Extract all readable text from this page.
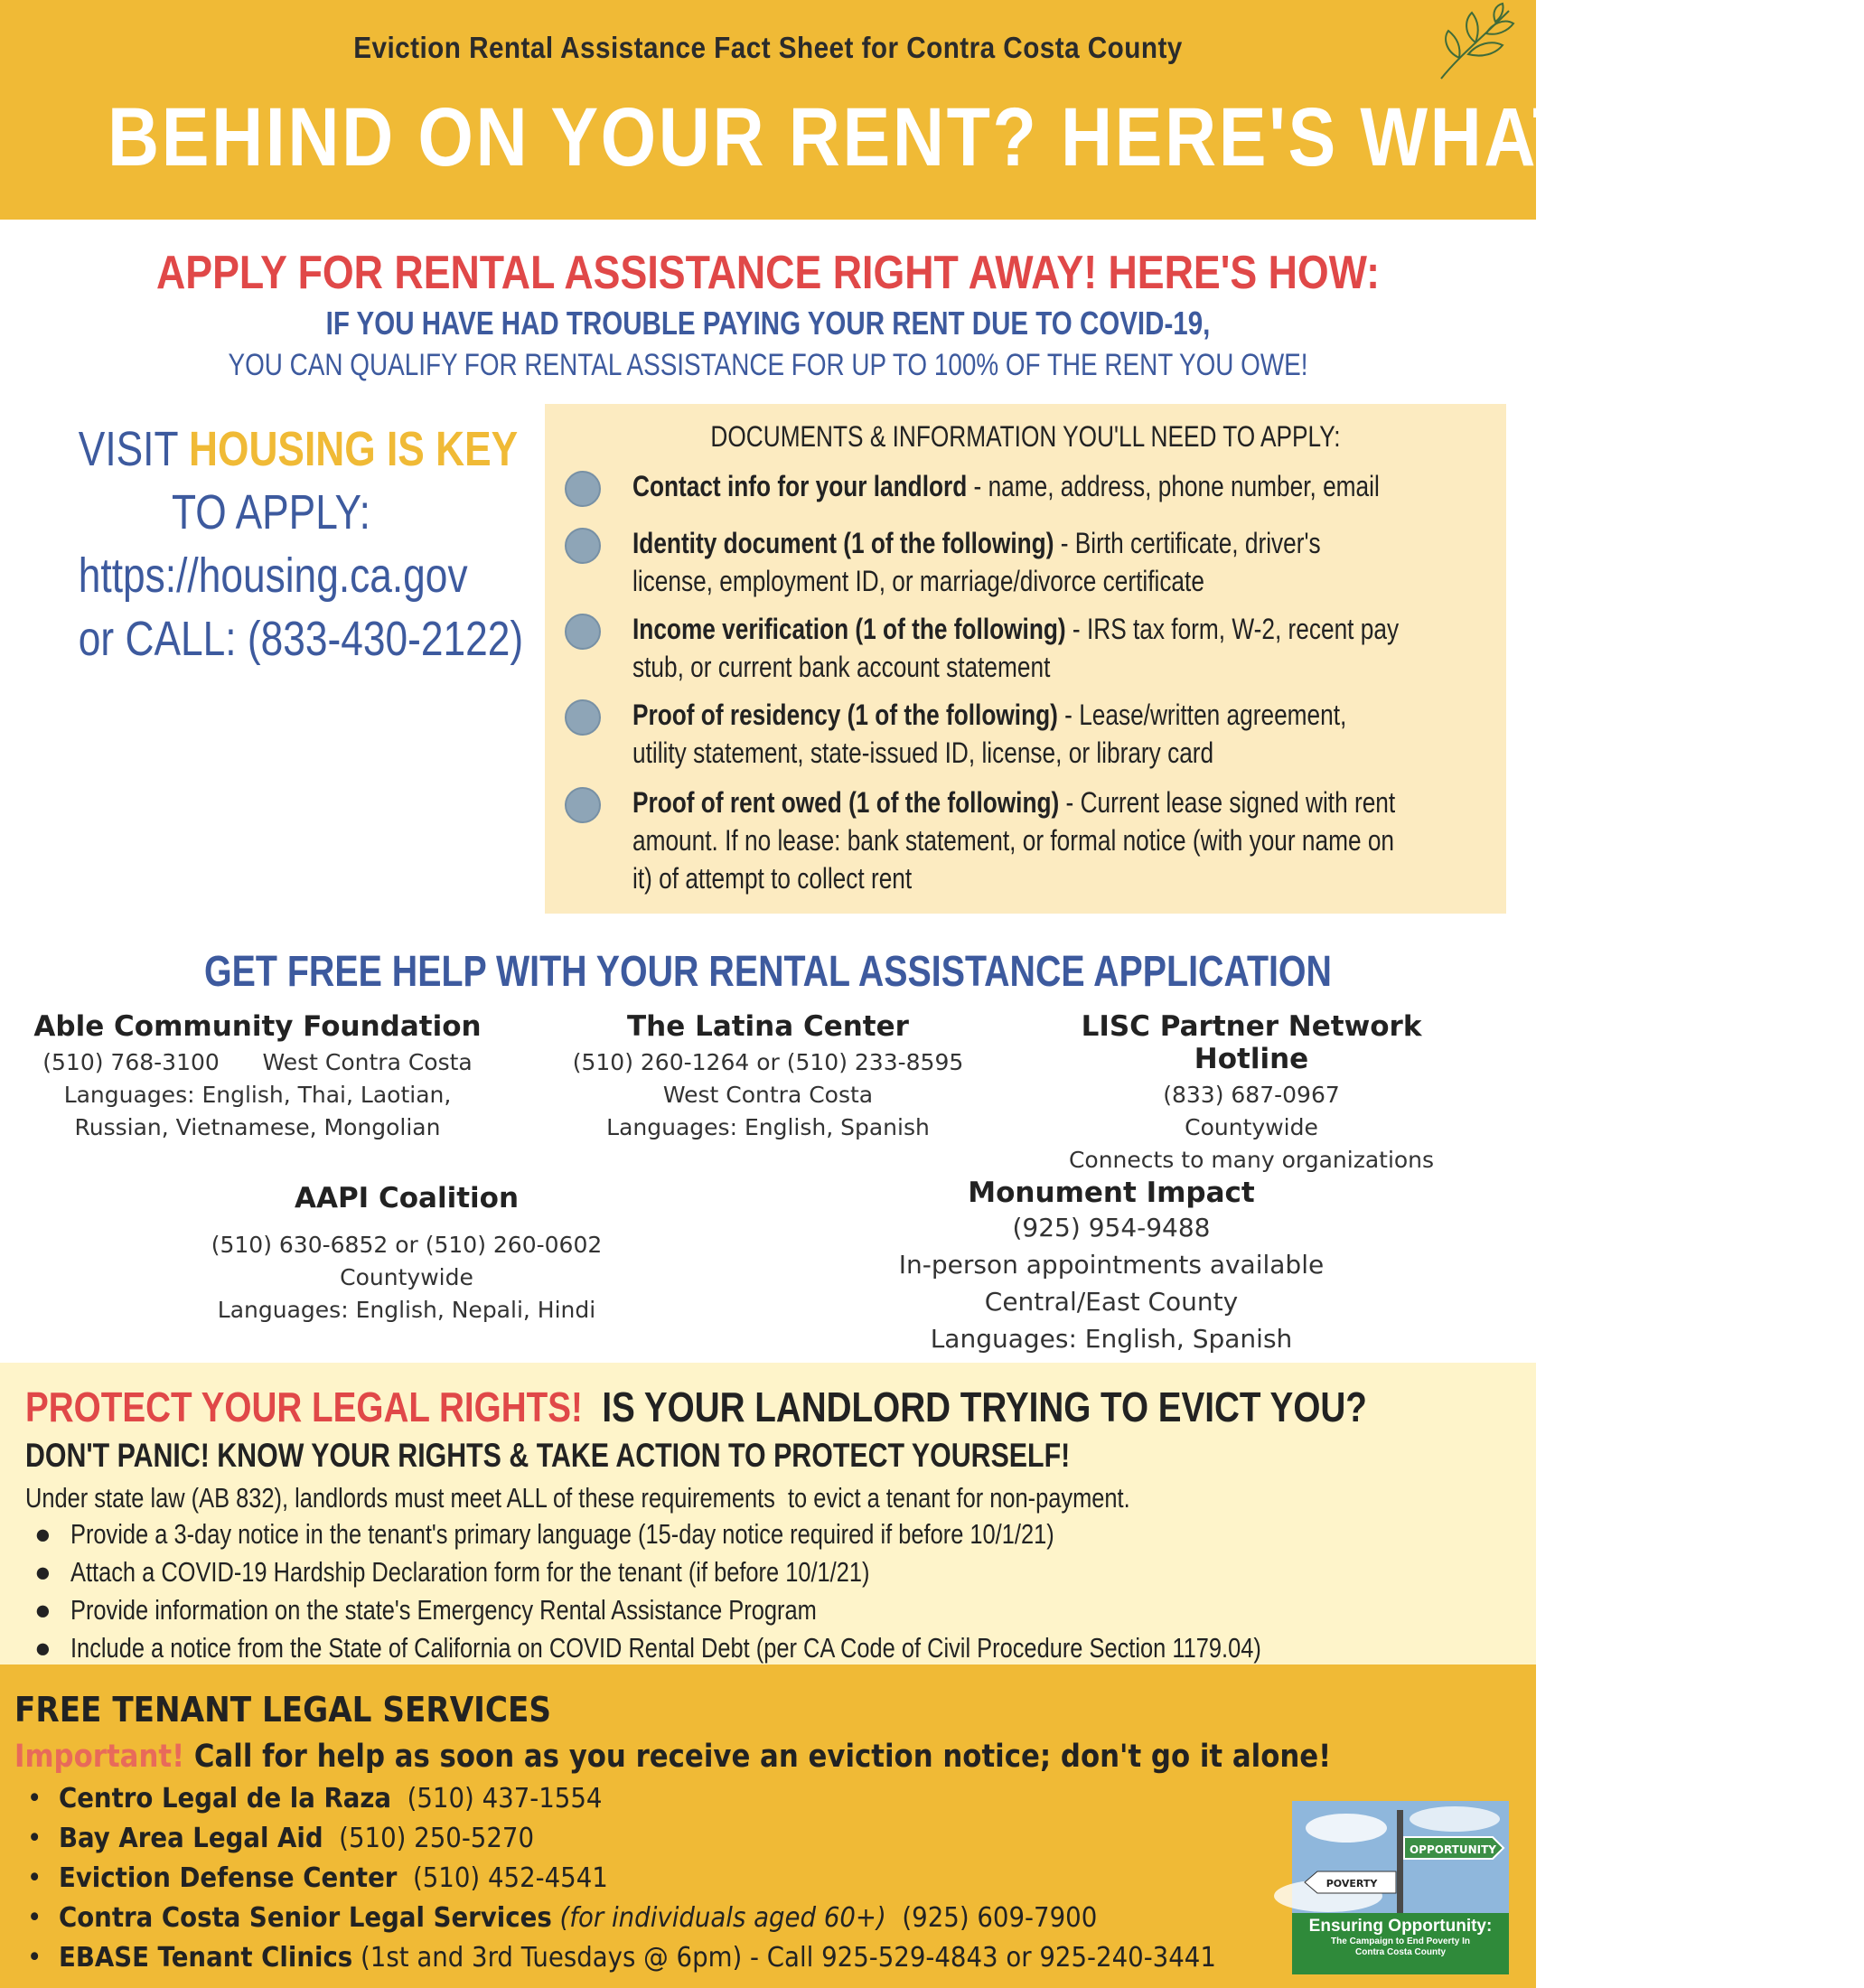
Eviction Rental Assistance Fact Sheet for Contra Costa County
BEHIND ON YOUR RENT? HERE'S WHAT TO DO!
APPLY FOR RENTAL ASSISTANCE RIGHT AWAY! HERE'S HOW:
IF YOU HAVE HAD TROUBLE PAYING YOUR RENT DUE TO COVID-19,
YOU CAN QUALIFY FOR RENTAL ASSISTANCE FOR UP TO 100% OF THE RENT YOU OWE!
VISIT HOUSING IS KEY
TO APPLY:
https://housing.ca.gov
or CALL: (833-430-2122)
DOCUMENTS & INFORMATION YOU'LL NEED TO APPLY:
Contact info for your landlord - name, address, phone number, email
Identity document (1 of the following) - Birth certificate, driver's license, employment ID, or marriage/divorce certificate
Income verification (1 of the following) - IRS tax form, W-2, recent pay stub, or current bank account statement
Proof of residency (1 of the following) - Lease/written agreement, utility statement, state-issued ID, license, or library card
Proof of rent owed (1 of the following) - Current lease signed with rent amount. If no lease: bank statement, or formal notice (with your name on it) of attempt to collect rent
GET FREE HELP WITH YOUR RENTAL ASSISTANCE APPLICATION
Able Community Foundation
(510) 768-3100      West Contra Costa
Languages: English, Thai, Laotian,
Russian, Vietnamese, Mongolian
The Latina Center
(510) 260-1264 or (510) 233-8595
West Contra Costa
Languages: English, Spanish
LISC Partner Network Hotline
(833) 687-0967
Countywide
Connects to many organizations
AAPI Coalition
(510) 630-6852 or (510) 260-0602
Countywide
Languages: English, Nepali, Hindi
Monument Impact
(925) 954-9488
In-person appointments available
Central/East County
Languages: English, Spanish
PROTECT YOUR LEGAL RIGHTS!  IS YOUR LANDLORD TRYING TO EVICT YOU?
DON'T PANIC! KNOW YOUR RIGHTS & TAKE ACTION TO PROTECT YOURSELF!
Under state law (AB 832), landlords must meet ALL of these requirements  to evict a tenant for non-payment.
● Provide a 3-day notice in the tenant's primary language (15-day notice required if before 10/1/21)
● Attach a COVID-19 Hardship Declaration form for the tenant (if before 10/1/21)
● Provide information on the state's Emergency Rental Assistance Program
● Include a notice from the State of California on COVID Rental Debt (per CA Code of Civil Procedure Section 1179.04)
FREE TENANT LEGAL SERVICES
Important! Call for help as soon as you receive an eviction notice; don't go it alone!
• Centro Legal de la Raza  (510) 437-1554
• Bay Area Legal Aid  (510) 250-5270
• Eviction Defense Center  (510) 452-4541
• Contra Costa Senior Legal Services (for individuals aged 60+)  (925) 609-7900
• EBASE Tenant Clinics (1st and 3rd Tuesdays @ 6pm) - Call 925-529-4843 or 925-240-3441
OPPORTUNITY
POVERTY
Ensuring Opportunity:
The Campaign to End Poverty In
Contra Costa County
